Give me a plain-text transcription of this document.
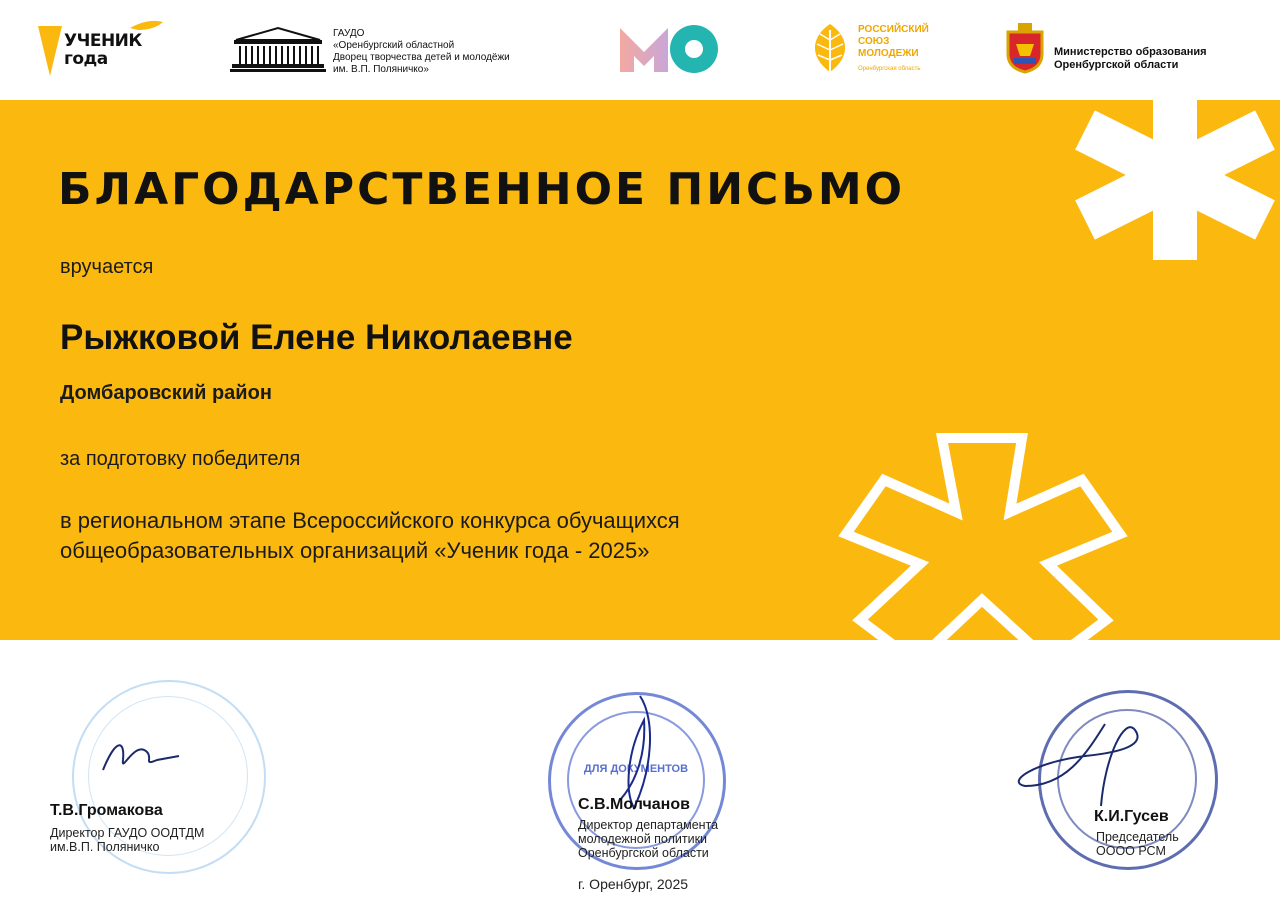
УЧЕНИК
года
ГАУДО
«Оренбургский областной
Дворец творчества детей и молодёжи
им. В.П. Поляничко»
РОССИЙСКИЙ
СОЮЗ
МОЛОДЕЖИ
Оренбургская область
Министерство образования
Оренбургской области
БЛАГОДАРСТВЕННОЕ ПИСЬМО
вручается
Рыжковой Елене Николаевне
Домбаровский район
за подготовку победителя
в региональном этапе Всероссийского конкурса обучащихся
общеобразовательных организаций «Ученик года - 2025»
Т.В.Громакова
Директор ГАУДО ООДТДМ
им.В.П. Поляничко
ДЛЯ ДОКУМЕНТОВ
С.В.Молчанов
Директор департамента
молодежной политики
Оренбургской области
К.И.Гусев
Председатель
ОООО РСМ
г. Оренбург, 2025
